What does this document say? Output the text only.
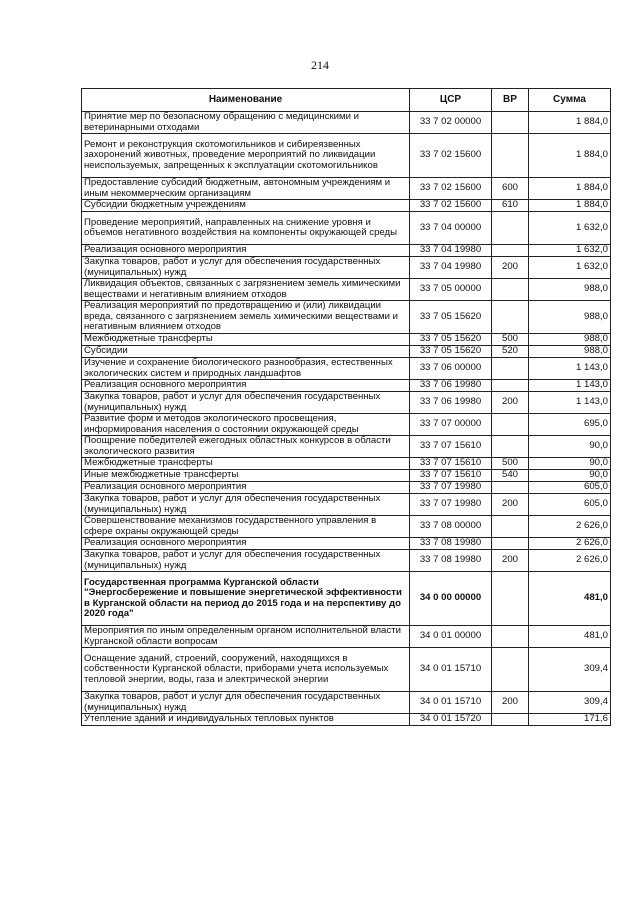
214
Наименование	ЦСР	ВР	Сумма
Принятие мер по безопасному обращению с медицинскими и ветеринарными отходами	33 7 02 00000		1 884,0
Ремонт и реконструкция скотомогильников и сибиреязвенных захоронений животных, проведение мероприятий по ликвидации неиспользуемых, запрещенных к эксплуатации скотомогильников	33 7 02 15600		1 884,0
Предоставление субсидий бюджетным, автономным учреждениям и иным некоммерческим организациям	33 7 02 15600	600	1 884,0
Субсидии бюджетным учреждениям	33 7 02 15600	610	1 884,0
Проведение мероприятий, направленных на снижение уровня и объемов негативного воздействия на компоненты окружающей среды	33 7 04 00000		1 632,0
Реализация основного мероприятия	33 7 04 19980		1 632,0
Закупка товаров, работ и услуг для обеспечения государственных (муниципальных) нужд	33 7 04 19980	200	1 632,0
Ликвидация объектов, связанных с загрязнением земель химическими веществами и негативным влиянием отходов	33 7 05 00000		988,0
Реализация мероприятий по предотвращению и (или) ликвидации вреда, связанного с загрязнением земель химическими веществами и негативным влиянием отходов	33 7 05 15620		988,0
Межбюджетные трансферты	33 7 05 15620	500	988,0
Субсидии	33 7 05 15620	520	988,0
Изучение и сохранение биологического разнообразия, естественных экологических систем и природных ландшафтов	33 7 06 00000		1 143,0
Реализация основного мероприятия	33 7 06 19980		1 143,0
Закупка товаров, работ и услуг для обеспечения государственных (муниципальных) нужд	33 7 06 19980	200	1 143,0
Развитие форм и методов экологического просвещения, информирования населения о состоянии окружающей среды	33 7 07 00000		695,0
Поощрение победителей ежегодных областных конкурсов в области экологического развития	33 7 07 15610		90,0
Межбюджетные трансферты	33 7 07 15610	500	90,0
Иные межбюджетные трансферты	33 7 07 15610	540	90,0
Реализация основного мероприятия	33 7 07 19980		605,0
Закупка товаров, работ и услуг для обеспечения государственных (муниципальных) нужд	33 7 07 19980	200	605,0
Совершенствование механизмов государственного управления в сфере охраны окружающей среды	33 7 08 00000		2 626,0
Реализация основного мероприятия	33 7 08 19980		2 626,0
Закупка товаров, работ и услуг для обеспечения государственных (муниципальных) нужд	33 7 08 19980	200	2 626,0
Государственная программа Курганской области "Энергосбережение и повышение энергетической эффективности в Курганской области на период до 2015 года и на перспективу до 2020 года"	34 0 00 00000		481,0
Мероприятия по иным определенным органом исполнительной власти Курганской области вопросам	34 0 01 00000		481,0
Оснащение зданий, строений, сооружений, находящихся в собственности Курганской области, приборами учета используемых тепловой энергии, воды, газа и электрической энергии	34 0 01 15710		309,4
Закупка товаров, работ и услуг для обеспечения государственных (муниципальных) нужд	34 0 01 15710	200	309,4
Утепление зданий и индивидуальных тепловых пунктов	34 0 01 15720		171,6
